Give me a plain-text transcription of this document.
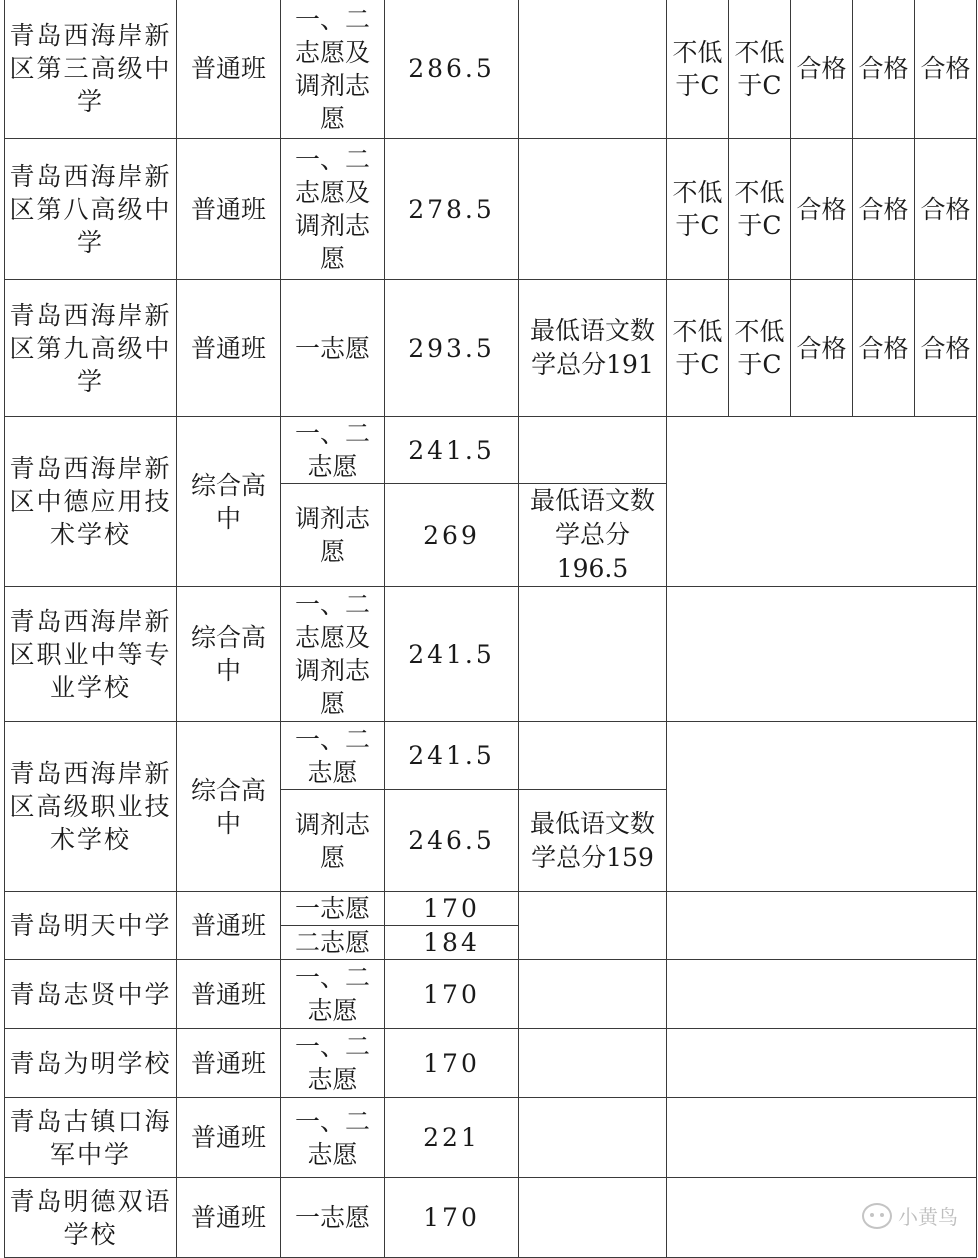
青岛西海岸新区第三高级中学	普通班	一、二志愿及调剂志愿	286.5		不低于C	不低于C	合格	合格	合格
青岛西海岸新区第八高级中学	普通班	一、二志愿及调剂志愿	278.5		不低于C	不低于C	合格	合格	合格
青岛西海岸新区第九高级中学	普通班	一志愿	293.5	最低语文数学总分191	不低于C	不低于C	合格	合格	合格
青岛西海岸新区中德应用技术学校	综合高中	一、二志愿	241.5						
		调剂志愿	269	最低语文数学总分196.5					
青岛西海岸新区职业中等专业学校	综合高中	一、二志愿及调剂志愿	241.5						
青岛西海岸新区高级职业技术学校	综合高中	一、二志愿	241.5						
		调剂志愿	246.5	最低语文数学总分159					
青岛明天中学	普通班	一志愿	170						
		二志愿	184						
青岛志贤中学	普通班	一、二志愿	170						
青岛为明学校	普通班	一、二志愿	170						
青岛古镇口海军中学	普通班	一、二志愿	221						
青岛明德双语学校	普通班	一志愿	170							小黄鸟
